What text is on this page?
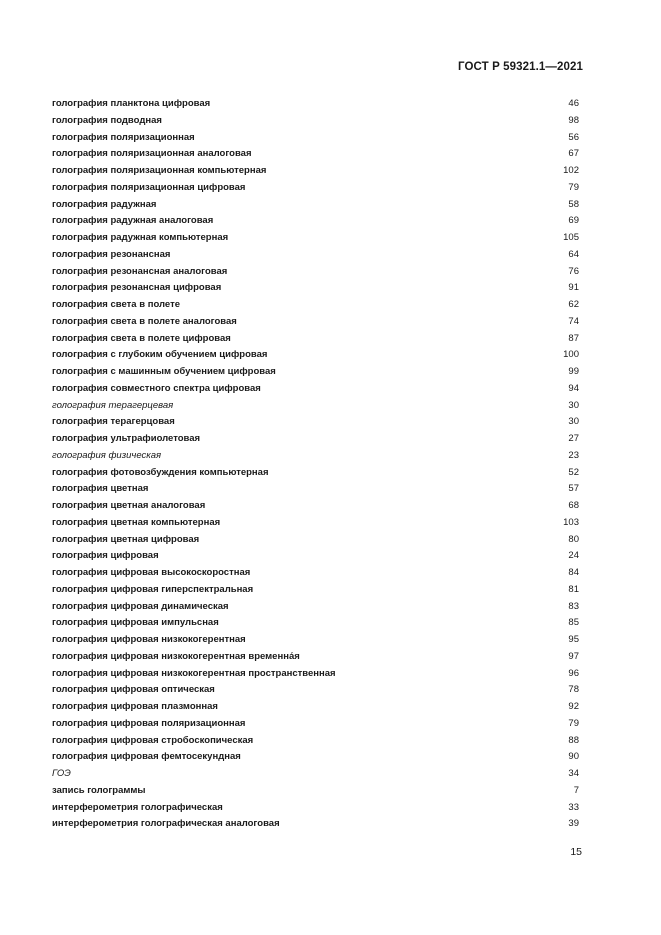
ГОСТ Р 59321.1—2021
голография планктона цифровая	46
голография подводная	98
голография поляризационная	56
голография поляризационная аналоговая	67
голография поляризационная компьютерная	102
голография поляризационная цифровая	79
голография радужная	58
голография радужная аналоговая	69
голография радужная компьютерная	105
голография резонансная	64
голография резонансная аналоговая	76
голография резонансная цифровая	91
голография света в полете	62
голография света в полете аналоговая	74
голография света в полете цифровая	87
голография с глубоким обучением цифровая	100
голография с машинным обучением цифровая	99
голография совместного спектра цифровая	94
голография терагерцевая	30
голография терагерцовая	30
голография ультрафиолетовая	27
голография физическая	23
голография фотовозбуждения компьютерная	52
голография цветная	57
голография цветная аналоговая	68
голография цветная компьютерная	103
голография цветная цифровая	80
голография цифровая	24
голография цифровая высокоскоростная	84
голография цифровая гиперспектральная	81
голография цифровая динамическая	83
голография цифровая импульсная	85
голография цифровая низкокогерентная	95
голография цифровая низкокогерентная временна́я	97
голография цифровая низкокогерентная пространственная	96
голография цифровая оптическая	78
голография цифровая плазмонная	92
голография цифровая поляризационная	79
голография цифровая стробоскопическая	88
голография цифровая фемтосекундная	90
ГОЭ	34
запись голограммы	7
интерферометрия голографическая	33
интерферометрия голографическая аналоговая	39
15
